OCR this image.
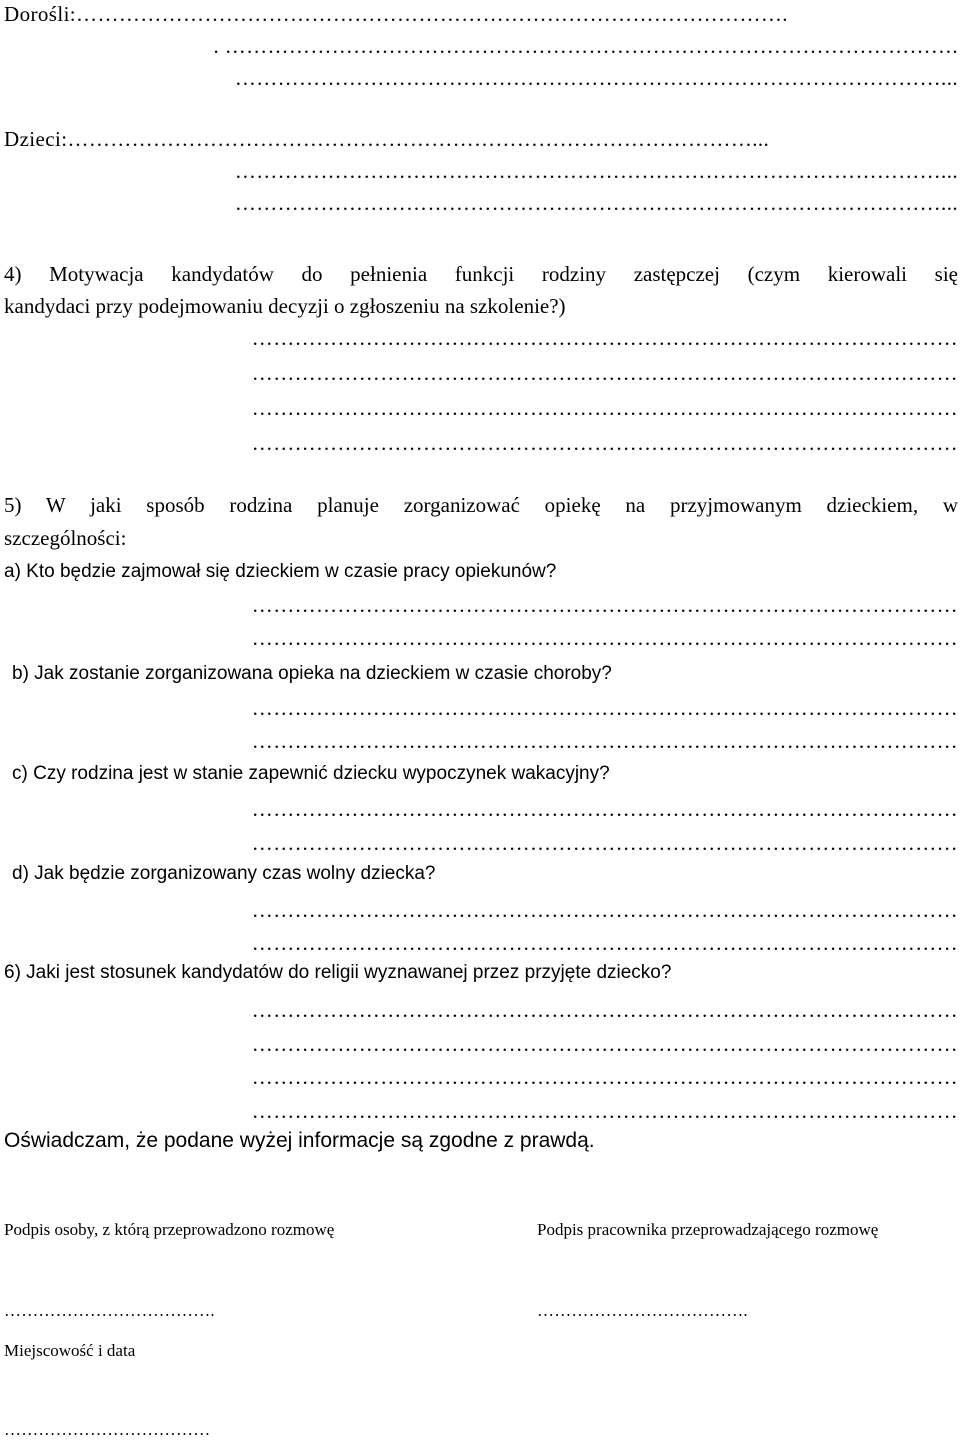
Dorośli:……………………………………………………………………………………….
. ………………………………………………………………………………………….
………………………………………………………………………………………...
Dzieci:……………………………………………………………………………………...
………………………………………………………………………………………...
………………………………………………………………………………………...
4) Motywacja kandydatów do pełnienia funkcji rodziny zastępczej (czym kierowali się
kandydaci przy podejmowaniu decyzji o zgłoszeniu na szkolenie?)
………………………………………………………………………………………
………………………………………………………………………………………
………………………………………………………………………………………
………………………………………………………………………………………
5) W jaki sposób rodzina planuje zorganizować opiekę na przyjmowanym dzieckiem, w
szczególności:
a) Kto będzie zajmował się dzieckiem w czasie pracy opiekunów?
………………………………………………………………………………………
………………………………………………………………………………………
b) Jak zostanie zorganizowana opieka na dzieckiem w czasie choroby?
………………………………………………………………………………………
………………………………………………………………………………………
c) Czy rodzina jest w stanie zapewnić dziecku wypoczynek wakacyjny?
………………………………………………………………………………………
………………………………………………………………………………………
d) Jak będzie zorganizowany czas wolny dziecka?
………………………………………………………………………………………
………………………………………………………………………………………
6) Jaki jest stosunek kandydatów do religii wyznawanej przez przyjęte dziecko?
………………………………………………………………………………………
………………………………………………………………………………………
………………………………………………………………………………………
………………………………………………………………………………………
Oświadczam, że podane wyżej informacje są zgodne z prawdą.
Podpis osoby, z którą przeprowadzono rozmowę	Podpis pracownika przeprowadzającego rozmowę
……………………………….	……………………………….
Miejscowość i data
………………………………
